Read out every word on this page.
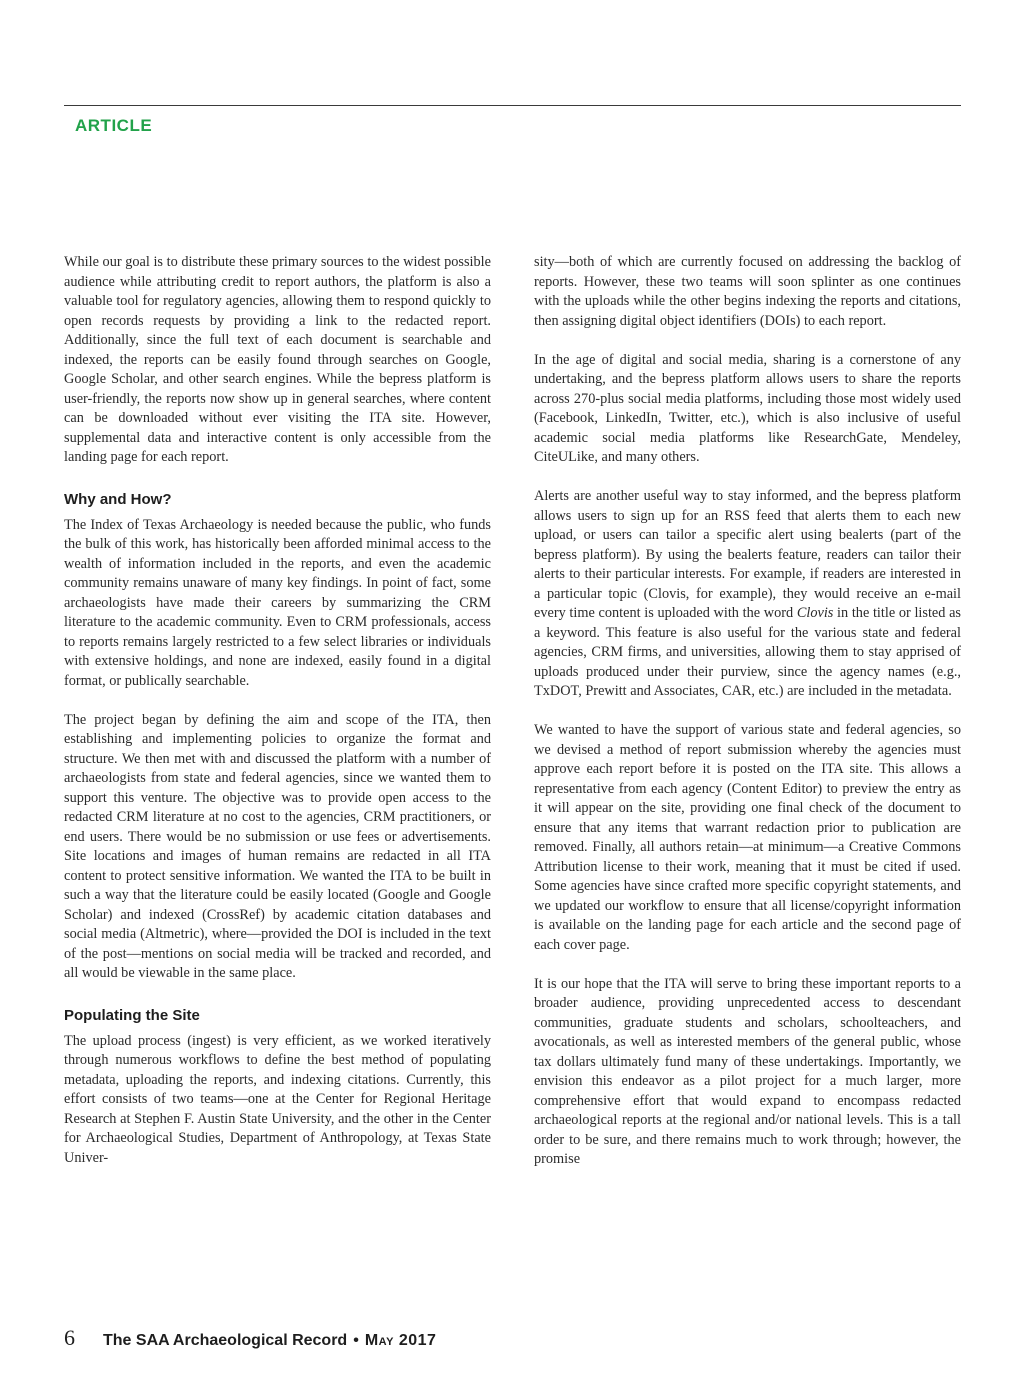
ARTICLE

While our goal is to distribute these primary sources to the widest possible audience while attributing credit to report authors, the platform is also a valuable tool for regulatory agencies, allowing them to respond quickly to open records requests by providing a link to the redacted report. Additionally, since the full text of each document is searchable and indexed, the reports can be easily found through searches on Google, Google Scholar, and other search engines. While the bepress platform is user-friendly, the reports now show up in general searches, where content can be downloaded without ever visiting the ITA site. However, supplemental data and interactive content is only accessible from the landing page for each report.

Why and How?

The Index of Texas Archaeology is needed because the public, who funds the bulk of this work, has historically been afforded minimal access to the wealth of information included in the reports, and even the academic community remains unaware of many key findings. In point of fact, some archaeologists have made their careers by summarizing the CRM literature to the academic community. Even to CRM professionals, access to reports remains largely restricted to a few select libraries or individuals with extensive holdings, and none are indexed, easily found in a digital format, or publically searchable.

The project began by defining the aim and scope of the ITA, then establishing and implementing policies to organize the format and structure. We then met with and discussed the platform with a number of archaeologists from state and federal agencies, since we wanted them to support this venture. The objective was to provide open access to the redacted CRM literature at no cost to the agencies, CRM practitioners, or end users. There would be no submission or use fees or advertisements. Site locations and images of human remains are redacted in all ITA content to protect sensitive information. We wanted the ITA to be built in such a way that the literature could be easily located (Google and Google Scholar) and indexed (CrossRef) by academic citation databases and social media (Altmetric), where—provided the DOI is included in the text of the post—mentions on social media will be tracked and recorded, and all would be viewable in the same place.

Populating the Site

The upload process (ingest) is very efficient, as we worked iteratively through numerous workflows to define the best method of populating metadata, uploading the reports, and indexing citations. Currently, this effort consists of two teams—one at the Center for Regional Heritage Research at Stephen F. Austin State University, and the other in the Center for Archaeological Studies, Department of Anthropology, at Texas State Univer-

sity—both of which are currently focused on addressing the backlog of reports. However, these two teams will soon splinter as one continues with the uploads while the other begins indexing the reports and citations, then assigning digital object identifiers (DOIs) to each report.

In the age of digital and social media, sharing is a cornerstone of any undertaking, and the bepress platform allows users to share the reports across 270-plus social media platforms, including those most widely used (Facebook, LinkedIn, Twitter, etc.), which is also inclusive of useful academic social media platforms like ResearchGate, Mendeley, CiteULike, and many others.

Alerts are another useful way to stay informed, and the bepress platform allows users to sign up for an RSS feed that alerts them to each new upload, or users can tailor a specific alert using bealerts (part of the bepress platform). By using the bealerts feature, readers can tailor their alerts to their particular interests. For example, if readers are interested in a particular topic (Clovis, for example), they would receive an e-mail every time content is uploaded with the word Clovis in the title or listed as a keyword. This feature is also useful for the various state and federal agencies, CRM firms, and universities, allowing them to stay apprised of uploads produced under their purview, since the agency names (e.g., TxDOT, Prewitt and Associates, CAR, etc.) are included in the metadata.

We wanted to have the support of various state and federal agencies, so we devised a method of report submission whereby the agencies must approve each report before it is posted on the ITA site. This allows a representative from each agency (Content Editor) to preview the entry as it will appear on the site, providing one final check of the document to ensure that any items that warrant redaction prior to publication are removed. Finally, all authors retain—at minimum—a Creative Commons Attribution license to their work, meaning that it must be cited if used. Some agencies have since crafted more specific copyright statements, and we updated our workflow to ensure that all license/copyright information is available on the landing page for each article and the second page of each cover page.

It is our hope that the ITA will serve to bring these important reports to a broader audience, providing unprecedented access to descendant communities, graduate students and scholars, schoolteachers, and avocationals, as well as interested members of the general public, whose tax dollars ultimately fund many of these undertakings. Importantly, we envision this endeavor as a pilot project for a much larger, more comprehensive effort that would expand to encompass redacted archaeological reports at the regional and/or national levels. This is a tall order to be sure, and there remains much to work through; however, the promise

6 The SAA Archaeological Record • May 2017
